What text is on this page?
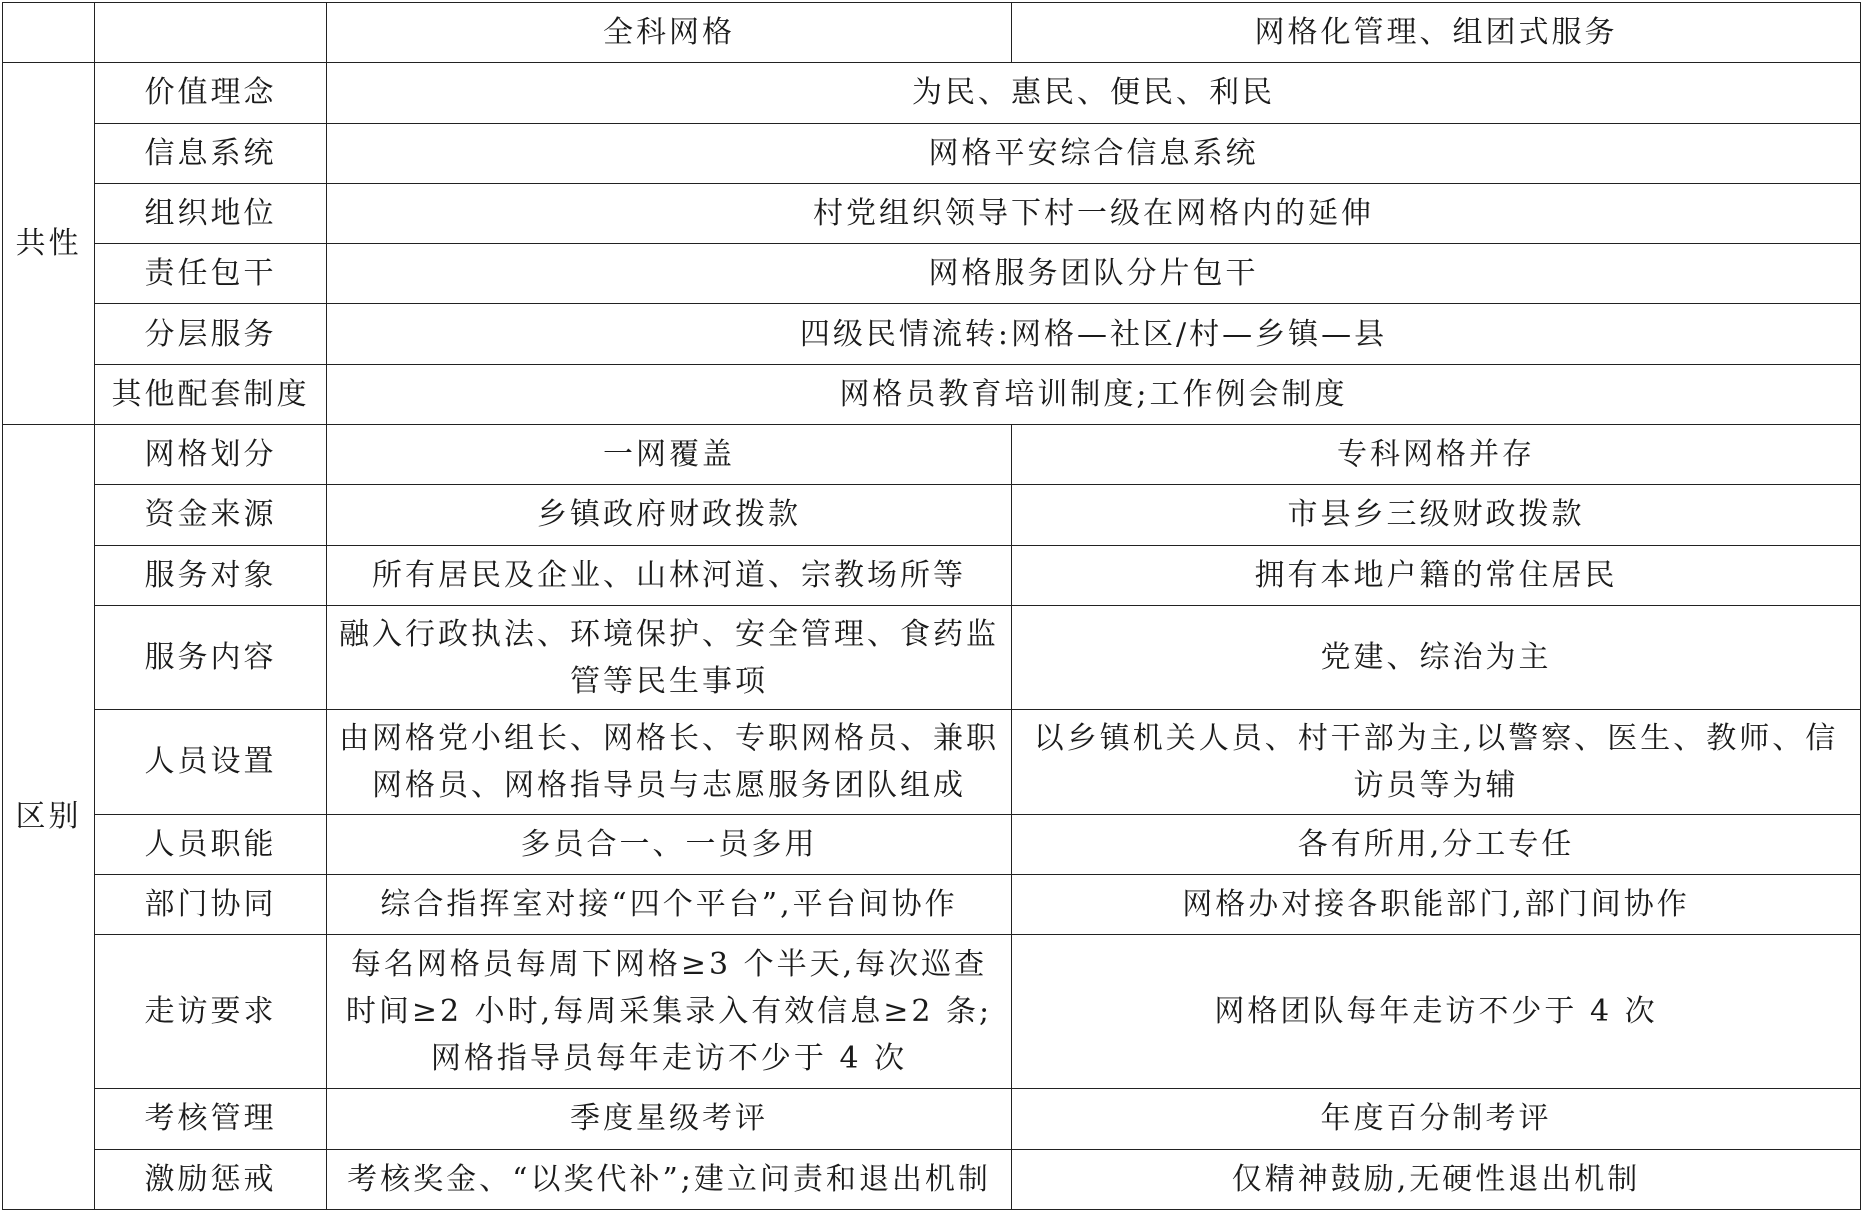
		全科网格	网格化管理、组团式服务
共性	价值理念	为民、惠民、便民、利民	
	信息系统	网格平安综合信息系统	
	组织地位	村党组织领导下村一级在网格内的延伸	
	责任包干	网格服务团队分片包干	
	分层服务	四级民情流转:网格—社区/村—乡镇—县	
	其他配套制度	网格员教育培训制度;工作例会制度	
区别	网格划分	一网覆盖	专科网格并存
	资金来源	乡镇政府财政拨款	市县乡三级财政拨款
	服务对象	所有居民及企业、山林河道、宗教场所等	拥有本地户籍的常住居民
	服务内容	融入行政执法、环境保护、安全管理、食药监管等民生事项	党建、综治为主
	人员设置	由网格党小组长、网格长、专职网格员、兼职网格员、网格指导员与志愿服务团队组成	以乡镇机关人员、村干部为主,以警察、医生、教师、信访员等为辅
	人员职能	多员合一、一员多用	各有所用,分工专任
	部门协同	综合指挥室对接“四个平台”,平台间协作	网格办对接各职能部门,部门间协作
	走访要求	每名网格员每周下网格≥3 个半天,每次巡查时间≥2 小时,每周采集录入有效信息≥2 条;网格指导员每年走访不少于 4 次	网格团队每年走访不少于 4 次
	考核管理	季度星级考评	年度百分制考评
	激励惩戒	考核奖金、“以奖代补”;建立问责和退出机制	仅精神鼓励,无硬性退出机制
